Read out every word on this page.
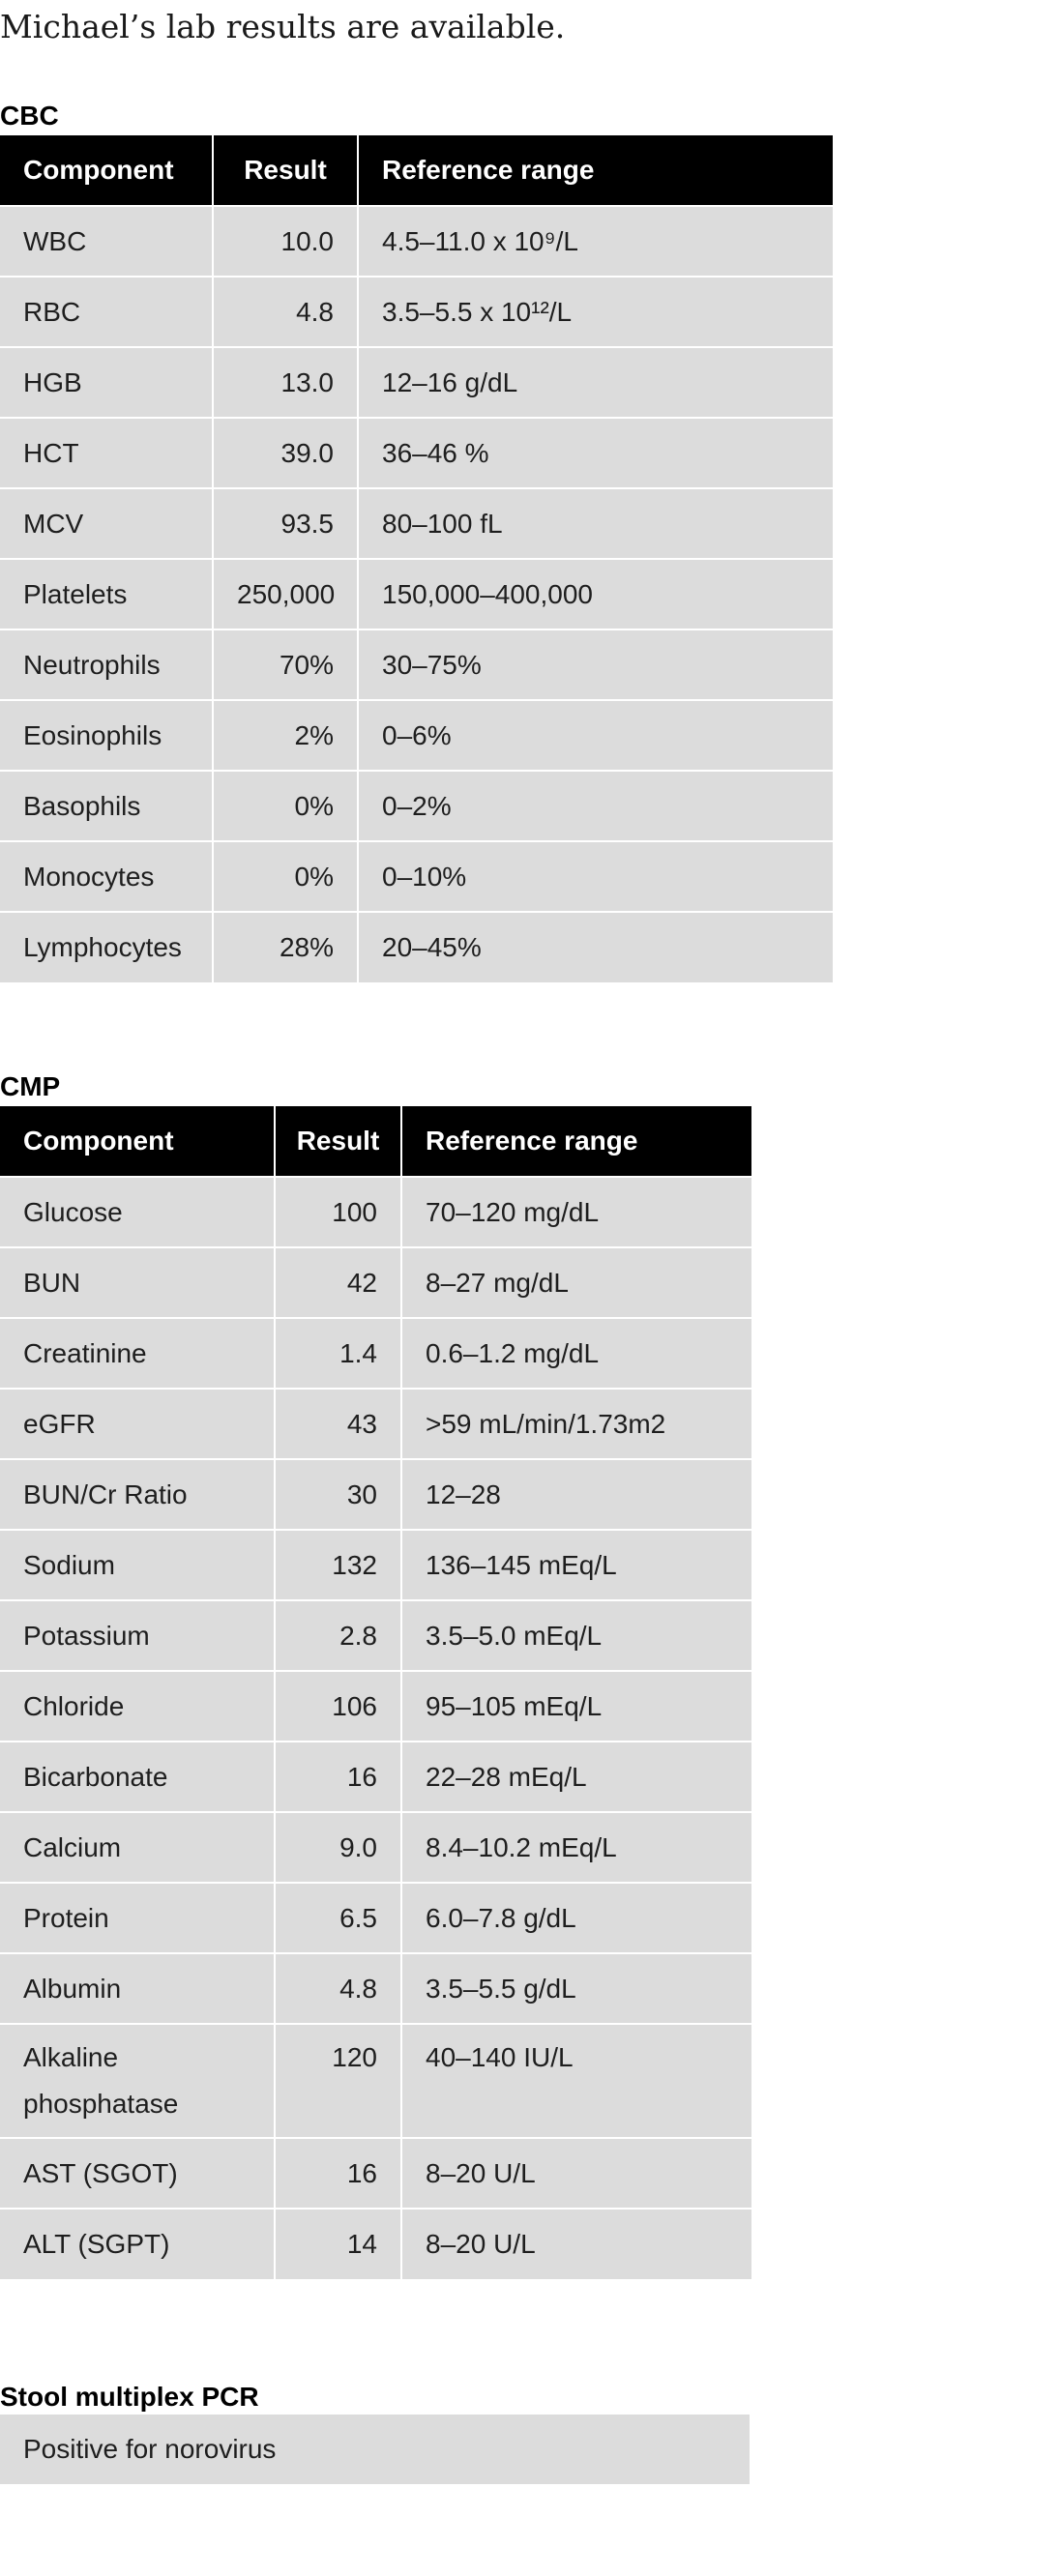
Michael’s lab results are available.

CBC
Component	Result	Reference range
WBC	10.0	4.5–11.0 x 10⁹/L
RBC	4.8	3.5–5.5 x 10¹²/L
HGB	13.0	12–16 g/dL
HCT	39.0	36–46 %
MCV	93.5	80–100 fL
Platelets	250,000	150,000–400,000
Neutrophils	70%	30–75%
Eosinophils	2%	0–6%
Basophils	0%	0–2%
Monocytes	0%	0–10%
Lymphocytes	28%	20–45%
CMP
Component	Result	Reference range
Glucose	100	70–120 mg/dL
BUN	42	8–27 mg/dL
Creatinine	1.4	0.6–1.2 mg/dL
eGFR	43	>59 mL/min/1.73m2
BUN/Cr Ratio	30	12–28
Sodium	132	136–145 mEq/L
Potassium	2.8	3.5–5.0 mEq/L
Chloride	106	95–105 mEq/L
Bicarbonate	16	22–28 mEq/L
Calcium	9.0	8.4–10.2 mEq/L
Protein	6.5	6.0–7.8 g/dL
Albumin	4.8	3.5–5.5 g/dL
Alkaline phosphatase	120	40–140 IU/L
AST (SGOT)	16	8–20 U/L
ALT (SGPT)	14	8–20 U/L
Stool multiplex PCR
Positive for norovirus
